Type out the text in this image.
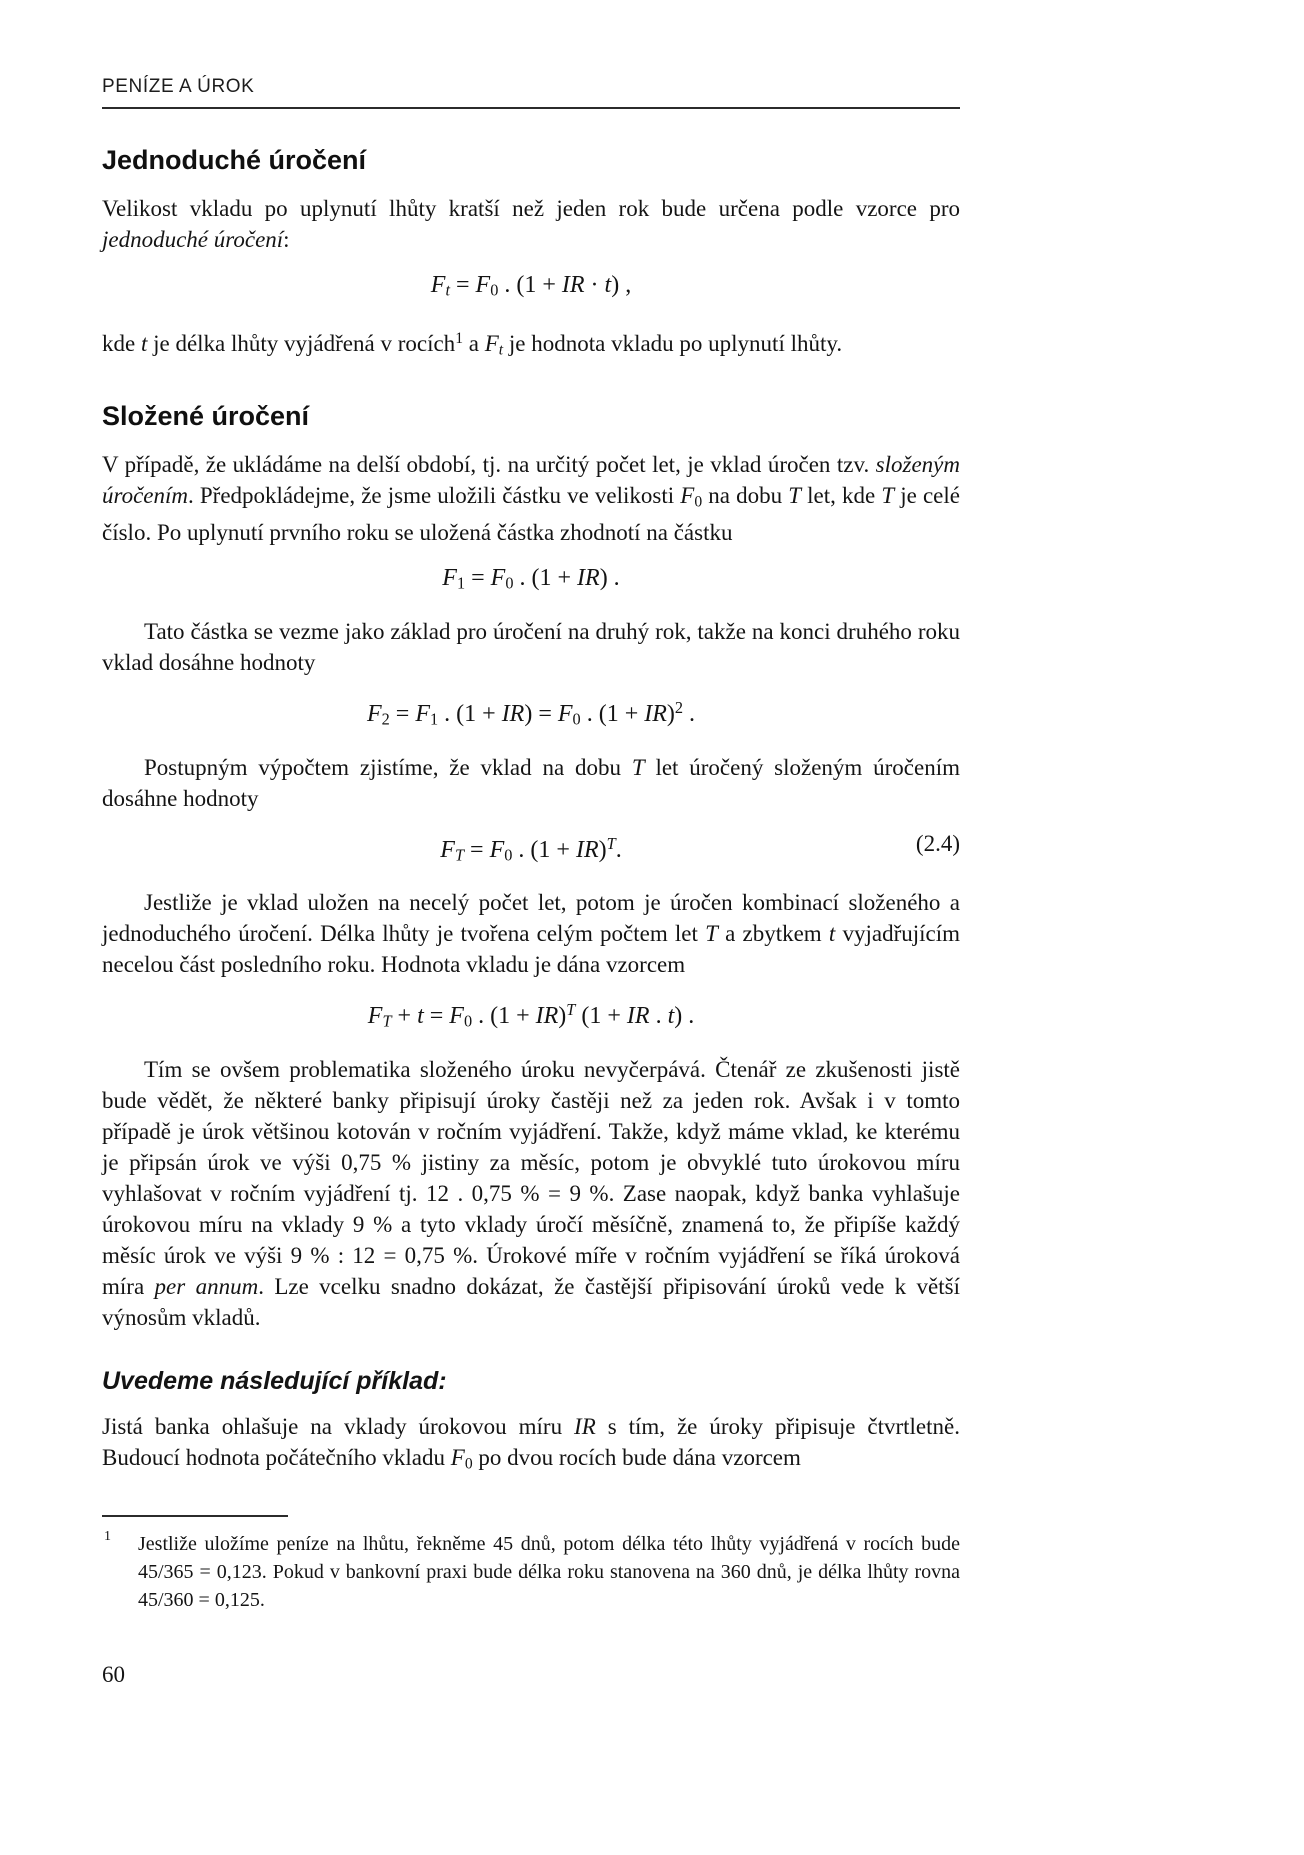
PENÍZE A ÚROK
Jednoduché úročení

Velikost vkladu po uplynutí lhůty kratší než jeden rok bude určena podle vzorce pro jednoduché úročení:

Ft = F0 . (1 + IR · t) ,

kde t je délka lhůty vyjádřená v rocích$^1$ a Ft je hodnota vkladu po uplynutí lhůty.

Složené úročení

V případě, že ukládáme na delší období, tj. na určitý počet let, je vklad úročen tzv. složeným úročením. Předpokládejme, že jsme uložili částku ve velikosti F0 na dobu T let, kde T je celé číslo. Po uplynutí prvního roku se uložená částka zhodnotí na částku

F1 = F0 . (1 + IR) .

Tato částka se vezme jako základ pro úročení na druhý rok, takže na konci druhého roku vklad dosáhne hodnoty

F2 = F1 . (1 + IR) = F0 . (1 + IR)$^2$ .

Postupným výpočtem zjistíme, že vklad na dobu T let úročený složeným úročením dosáhne hodnoty

FT = F0 . (1 + IR)$^T$.	(2.4)

Jestliže je vklad uložen na necelý počet let, potom je úročen kombinací složeného a jednoduchého úročení. Délka lhůty je tvořena celým počtem let T a zbytkem t vyjadřujícím necelou část posledního roku. Hodnota vkladu je dána vzorcem

FT + t = F0 . (1 + IR)$^T$ (1 + IR . t) .

Tím se ovšem problematika složeného úroku nevyčerpává. Čtenář ze zkušenosti jistě bude vědět, že některé banky připisují úroky častěji než za jeden rok. Avšak i v tomto případě je úrok většinou kotován v ročním vyjádření. Takže, když máme vklad, ke kterému je připsán úrok ve výši 0,75 % jistiny za měsíc, potom je obvyklé tuto úrokovou míru vyhlašovat v ročním vyjádření tj. 12 . 0,75 % = 9 %. Zase naopak, když banka vyhlašuje úrokovou míru na vklady 9 % a tyto vklady úročí měsíčně, znamená to, že připíše každý měsíc úrok ve výši 9 % : 12 = 0,75 %. Úrokové míře v ročním vyjádření se říká úroková míra per annum. Lze vcelku snadno dokázat, že častější připisování úroků vede k větší výnosům vkladů.

Uvedeme následující příklad:

Jistá banka ohlašuje na vklady úrokovou míru IR s tím, že úroky připisuje čtvrtletně. Budoucí hodnota počátečního vkladu F0 po dvou rocích bude dána vzorcem

1	Jestliže uložíme peníze na lhůtu, řekněme 45 dnů, potom délka této lhůty vyjádřená v rocích bude 45/365 = 0,123. Pokud v bankovní praxi bude délka roku stanovena na 360 dnů, je délka lhůty rovna 45/360 = 0,125.
60
